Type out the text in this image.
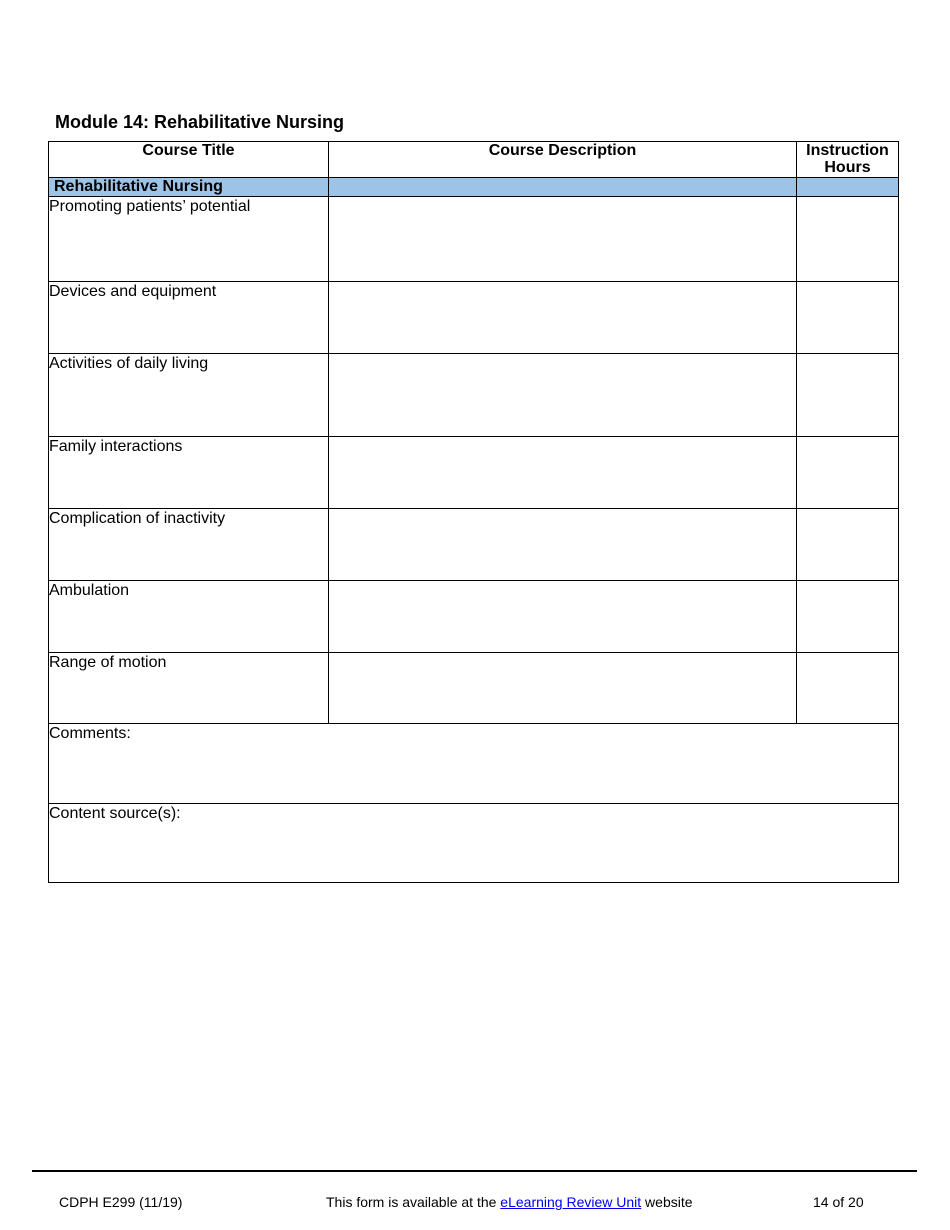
Module 14: Rehabilitative Nursing
Course Title	Course Description	Instruction
Hours
Rehabilitative Nursing		
Promoting patients’ potential		
Devices and equipment		
Activities of daily living		
Family interactions		
Complication of inactivity		
Ambulation		
Range of motion		
Comments:		
Content source(s):		
CDPH E299 (11/19)	This form is available at the eLearning Review Unit website	14 of 20
